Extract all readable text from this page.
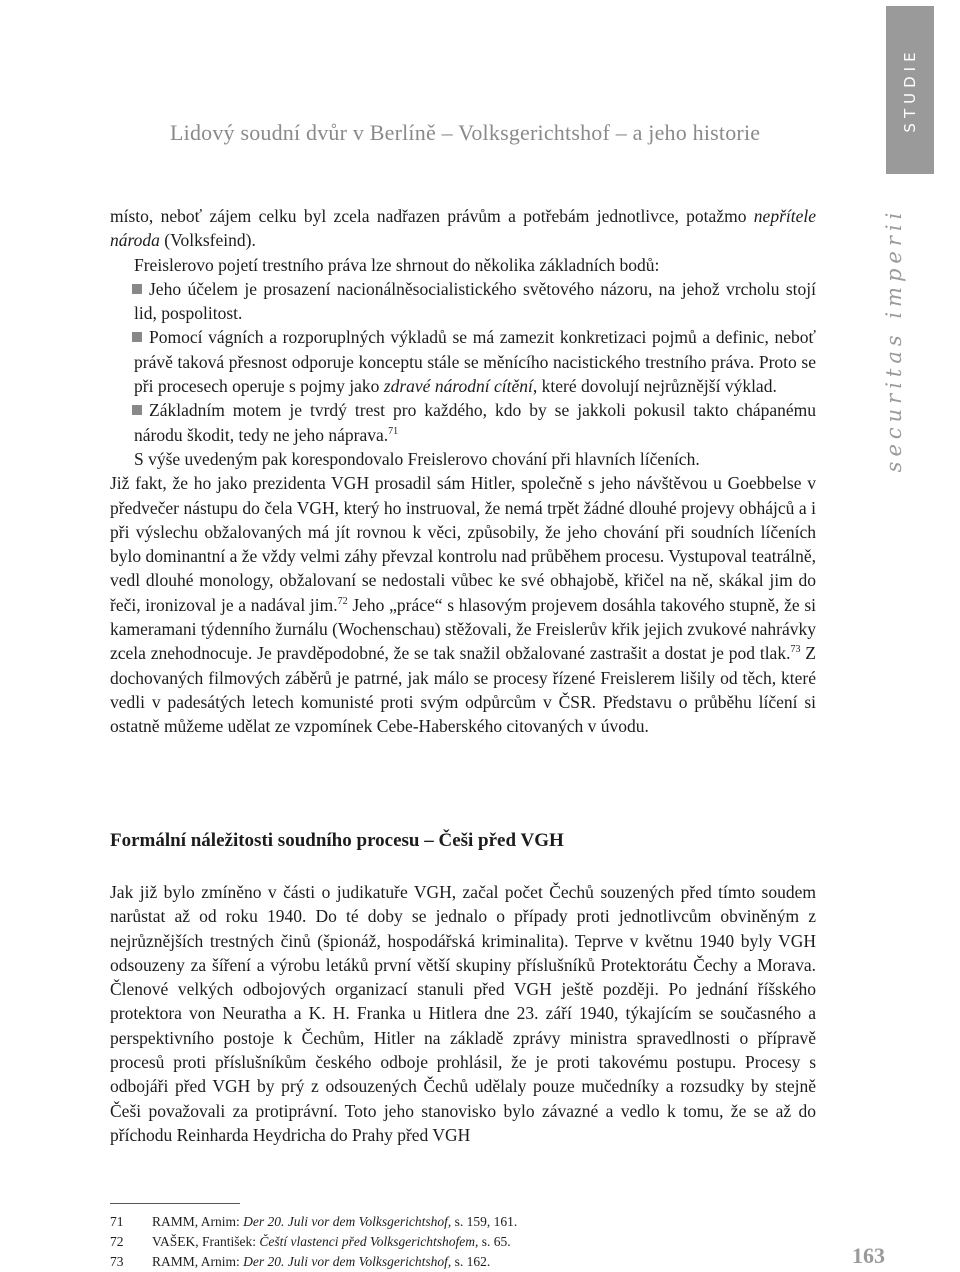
Lidový soudní dvůr v Berlíně – Volksgerichtshof – a jeho historie	STUDIE
securitas imperii

místo, neboť zájem celku byl zcela nadřazen právům a potřebám jednotlivce, potažmo nepřítele národa (Volksfeind).

Freislerovo pojetí trestního práva lze shrnout do několika základních bodů:

Jeho účelem je prosazení nacionálněsocialistického světového názoru, na jehož vrcholu stojí lid, pospolitost.

Pomocí vágních a rozporuplných výkladů se má zamezit konkretizaci pojmů a definic, neboť právě taková přesnost odporuje konceptu stále se měnícího nacistického trestního práva. Proto se při procesech operuje s pojmy jako zdravé národní cítění, které dovolují nejrůznější výklad.

Základním motem je tvrdý trest pro každého, kdo by se jakkoli pokusil takto chápanému národu škodit, tedy ne jeho náprava.$^{71}$

S výše uvedeným pak korespondovalo Freislerovo chování při hlavních líčeních.

Již fakt, že ho jako prezidenta VGH prosadil sám Hitler, společně s jeho návštěvou u Goebbelse v předvečer nástupu do čela VGH, který ho instruoval, že nemá trpět žádné dlouhé projevy obhájců a i při výslechu obžalovaných má jít rovnou k věci, způsobily, že jeho chování při soudních líčeních bylo dominantní a že vždy velmi záhy převzal kontrolu nad průběhem procesu. Vystupoval teatrálně, vedl dlouhé monology, obžalovaní se nedostali vůbec ke své obhajobě, křičel na ně, skákal jim do řeči, ironizoval je a nadával jim.$^{72}$ Jeho „práce“ s hlasovým projevem dosáhla takového stupně, že si kameramani týdenního žurnálu (Wochenschau) stěžovali, že Freislerův křik jejich zvukové nahrávky zcela znehodnocuje. Je pravděpodobné, že se tak snažil obžalované zastrašit a dostat je pod tlak.$^{73}$ Z dochovaných filmových záběrů je patrné, jak málo se procesy řízené Freislerem lišily od těch, které vedli v padesátých letech komunisté proti svým odpůrcům v ČSR. Představu o průběhu líčení si ostatně můžeme udělat ze vzpomínek Cebe-Haberského citovaných v úvodu.

Formální náležitosti soudního procesu – Češi před VGH

Jak již bylo zmíněno v části o judikatuře VGH, začal počet Čechů souzených před tímto soudem narůstat až od roku 1940. Do té doby se jednalo o případy proti jednotlivcům obviněným z nejrůznějších trestných činů (špionáž, hospodářská kriminalita). Teprve v květnu 1940 byly VGH odsouzeny za šíření a výrobu letáků první větší skupiny příslušníků Protektorátu Čechy a Morava. Členové velkých odbojových organizací stanuli před VGH ještě později. Po jednání říšského protektora von Neuratha a K. H. Franka u Hitlera dne 23. září 1940, týkajícím se současného a perspektivního postoje k Čechům, Hitler na základě zprávy ministra spravedlnosti o přípravě procesů proti příslušníkům českého odboje prohlásil, že je proti takovému postupu. Procesy s odbojáři před VGH by prý z odsouzených Čechů udělaly pouze mučedníky a rozsudky by stejně Češi považovali za protiprávní. Toto jeho stanovisko bylo závazné a vedlo k tomu, že se až do příchodu Reinharda Heydricha do Prahy před VGH

71	RAMM, Arnim: Der 20. Juli vor dem Volksgerichtshof, s. 159, 161.
72	VAŠEK, František: Čeští vlastenci před Volksgerichtshofem, s. 65.
73	RAMM, Arnim: Der 20. Juli vor dem Volksgerichtshof, s. 162.	163
